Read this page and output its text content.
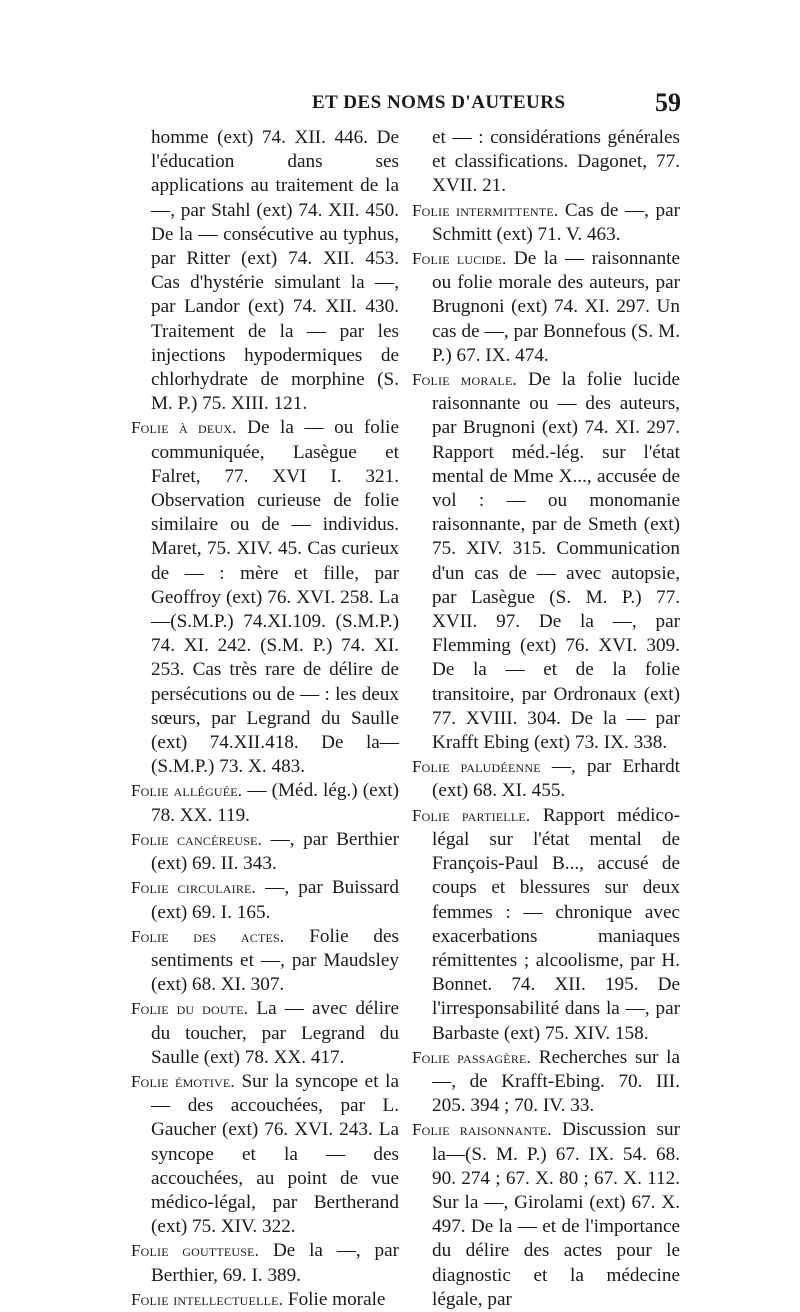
ET DES NOMS D'AUTEURS	59

homme (ext) 74. XII. 446. De l'éducation dans ses applications au traitement de la —, par Stahl (ext) 74. XII. 450. De la — consécutive au typhus, par Ritter (ext) 74. XII. 453. Cas d'hystérie simulant la —, par Landor (ext) 74. XII. 430. Traitement de la — par les injections hypodermiques de chlorhydrate de morphine (S. M. P.) 75. XIII. 121.

Folie à deux. De la — ou folie communiquée, Lasègue et Falret, 77. XVI I. 321. Observation curieuse de folie similaire ou de — individus. Maret, 75. XIV. 45. Cas curieux de — : mère et fille, par Geoffroy (ext) 76. XVI. 258. La—(S.M.P.) 74.XI.109. (S.M.P.) 74. XI. 242. (S.M. P.) 74. XI. 253. Cas très rare de délire de persécutions ou de — : les deux sœurs, par Legrand du Saulle (ext) 74.XII.418. De la—(S.M.P.) 73. X. 483.

Folie alléguée. — (Méd. lég.) (ext) 78. XX. 119.

Folie cancéreuse. —, par Berthier (ext) 69. II. 343.

Folie circulaire. —, par Buissard (ext) 69. I. 165.

Folie des actes. Folie des sentiments et —, par Maudsley (ext) 68. XI. 307.

Folie du doute. La — avec délire du toucher, par Legrand du Saulle (ext) 78. XX. 417.

Folie émotive. Sur la syncope et la — des accouchées, par L. Gaucher (ext) 76. XVI. 243. La syncope et la — des accouchées, au point de vue médico-légal, par Bertherand (ext) 75. XIV. 322.

Folie goutteuse. De la —, par Berthier, 69. I. 389.

Folie intellectuelle. Folie morale

et — : considérations générales et classifications. Dagonet, 77. XVII. 21.

Folie intermittente. Cas de —, par Schmitt (ext) 71. V. 463.

Folie lucide. De la — raisonnante ou folie morale des auteurs, par Brugnoni (ext) 74. XI. 297. Un cas de —, par Bonnefous (S. M. P.) 67. IX. 474.

Folie morale. De la folie lucide raisonnante ou — des auteurs, par Brugnoni (ext) 74. XI. 297. Rapport méd.-lég. sur l'état mental de Mme X..., accusée de vol : — ou monomanie raisonnante, par de Smeth (ext) 75. XIV. 315. Communication d'un cas de — avec autopsie, par Lasègue (S. M. P.) 77. XVII. 97. De la —, par Flemming (ext) 76. XVI. 309. De la — et de la folie transitoire, par Ordronaux (ext) 77. XVIII. 304. De la — par Krafft Ebing (ext) 73. IX. 338.

Folie paludéenne —, par Erhardt (ext) 68. XI. 455.

Folie partielle. Rapport médico-légal sur l'état mental de François-Paul B..., accusé de coups et blessures sur deux femmes : — chronique avec exacerbations maniaques rémittentes ; alcoolisme, par H. Bonnet. 74. XII. 195. De l'irresponsabilité dans la —, par Barbaste (ext) 75. XIV. 158.

Folie passagère. Recherches sur la —, de Krafft-Ebing. 70. III. 205. 394 ; 70. IV. 33.

Folie raisonnante. Discussion sur la—(S. M. P.) 67. IX. 54. 68. 90. 274 ; 67. X. 80 ; 67. X. 112. Sur la —, Girolami (ext) 67. X. 497. De la — et de l'importance du délire des actes pour le diagnostic et la médecine légale, par
